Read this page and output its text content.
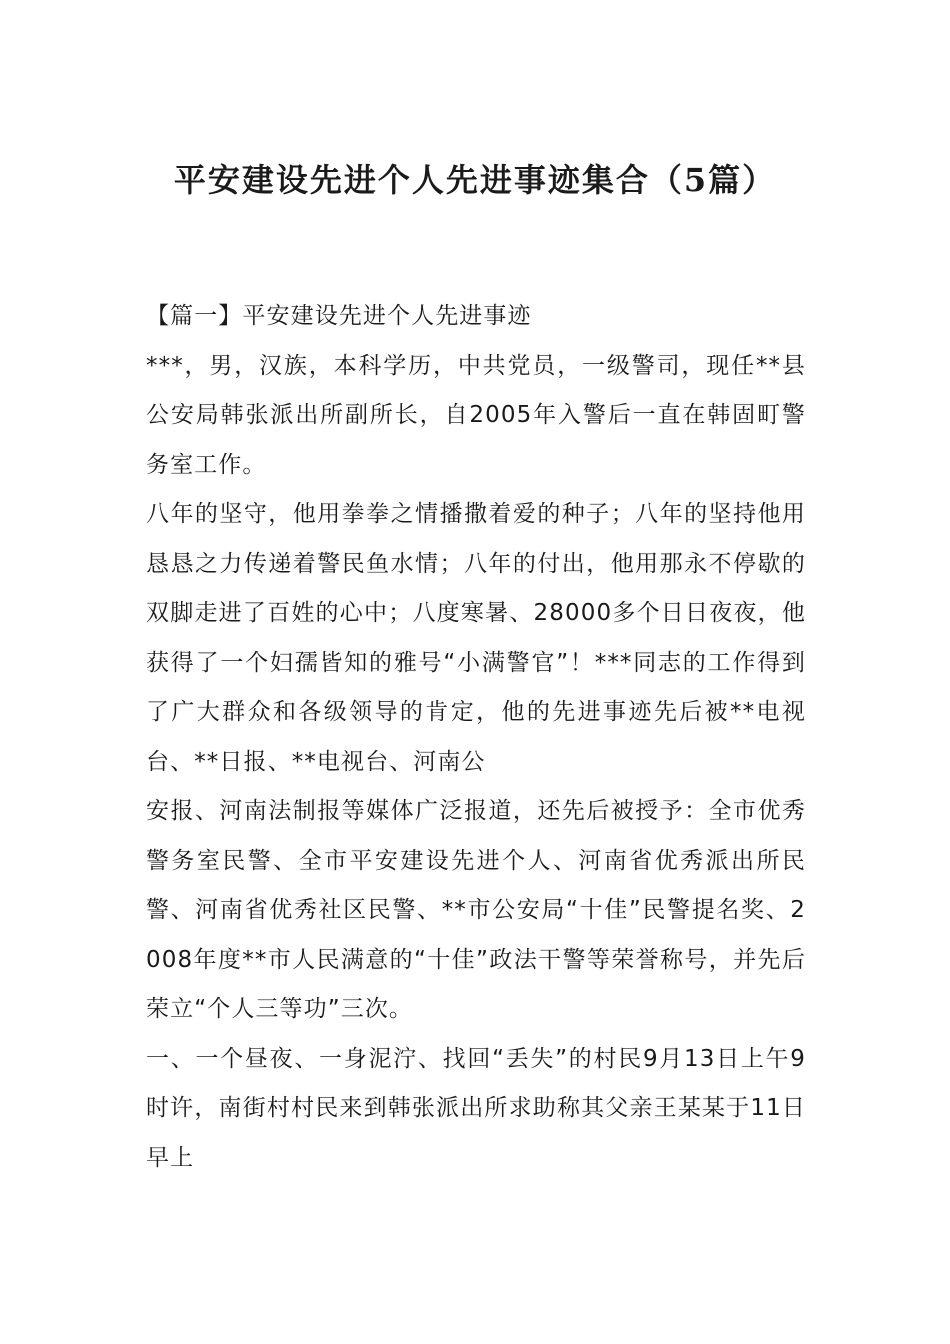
平安建设先进个人先进事迹集合（5篇）

【篇一】平安建设先进个人先进事迹

***，男，汉族，本科学历，中共党员，一级警司，现任**县公安局韩张派出所副所长，自2005年入警后一直在韩固町警务室工作。

八年的坚守，他用拳拳之情播撒着爱的种子；八年的坚持他用恳恳之力传递着警民鱼水情；八年的付出，他用那永不停歇的双脚走进了百姓的心中；八度寒暑、28000多个日日夜夜，他获得了一个妇孺皆知的雅号“小满警官”！***同志的工作得到了广大群众和各级领导的肯定，他的先进事迹先后被**电视台、**日报、**电视台、河南公

安报、河南法制报等媒体广泛报道，还先后被授予：全市优秀警务室民警、全市平安建设先进个人、河南省优秀派出所民警、河南省优秀社区民警、**市公安局“十佳”民警提名奖、2008年度**市人民满意的“十佳”政法干警等荣誉称号，并先后荣立“个人三等功”三次。

一、一个昼夜、一身泥泞、找回“丢失”的村民9月13日上午9时许，南街村村民来到韩张派出所求助称其父亲王某某于11日早上
